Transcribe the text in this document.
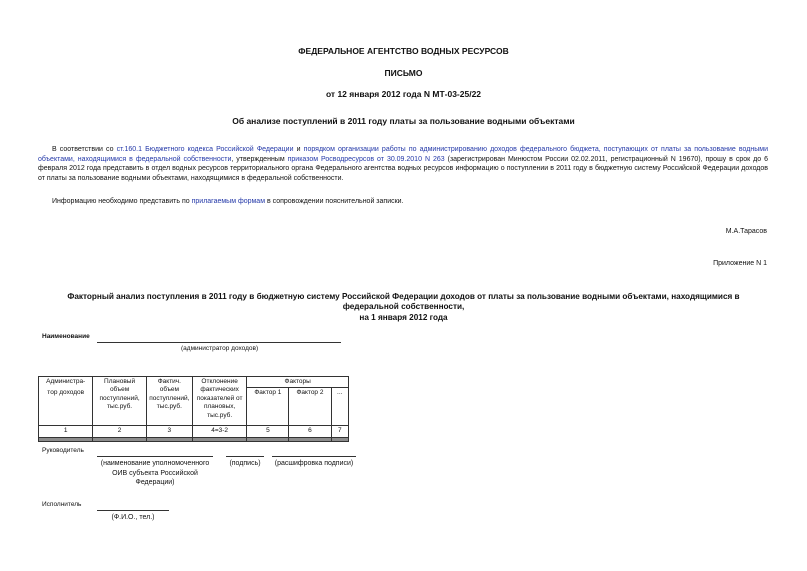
ФЕДЕРАЛЬНОЕ АГЕНТСТВО ВОДНЫХ РЕСУРСОВ
ПИСЬМО
от 12 января 2012 года N МТ-03-25/22
Об анализе поступлений в 2011 году платы за пользование водными объектами
В соответствии со ст.160.1 Бюджетного кодекса Российской Федерации и порядком организации работы по администрированию доходов федерального бюджета, поступающих от платы за пользование водными объектами, находящимися в федеральной собственности, утвержденным приказом Росводресурсов от 30.09.2010 N 263 (зарегистрирован Минюстом России 02.02.2011, регистрационный N 19670), прошу в срок до 6 февраля 2012 года представить в отдел водных ресурсов территориального органа Федерального агентства водных ресурсов информацию о поступлении в 2011 году в бюджетную систему Российской Федерации доходов от платы за пользование водными объектами, находящимися в федеральной собственности.
Информацию необходимо представить по прилагаемым формам в сопровождении пояснительной записки.
М.А.Тарасов
Приложение N 1
Факторный анализ поступления в 2011 году в бюджетную систему Российской Федерации доходов от платы за пользование водными объектами, находящимися в
федеральной собственности,
на 1 января 2012 года
Наименование
(администратор доходов)
Администра-
тор доходов	Плановый объем поступлений, тыс.руб.	Фактич. объем поступлений, тыс.руб.	Отклонение фактических показателей от плановых, тыс.руб.	Факторы		
				Фактор 1	Фактор 2	...
1	2	3	4=3-2	5	6	7

Руководитель
(наименование уполномоченного ОИВ субъекта Российской Федерации)
(подпись)	(расшифровка подписи)
Исполнитель
(Ф.И.О., тел.)
